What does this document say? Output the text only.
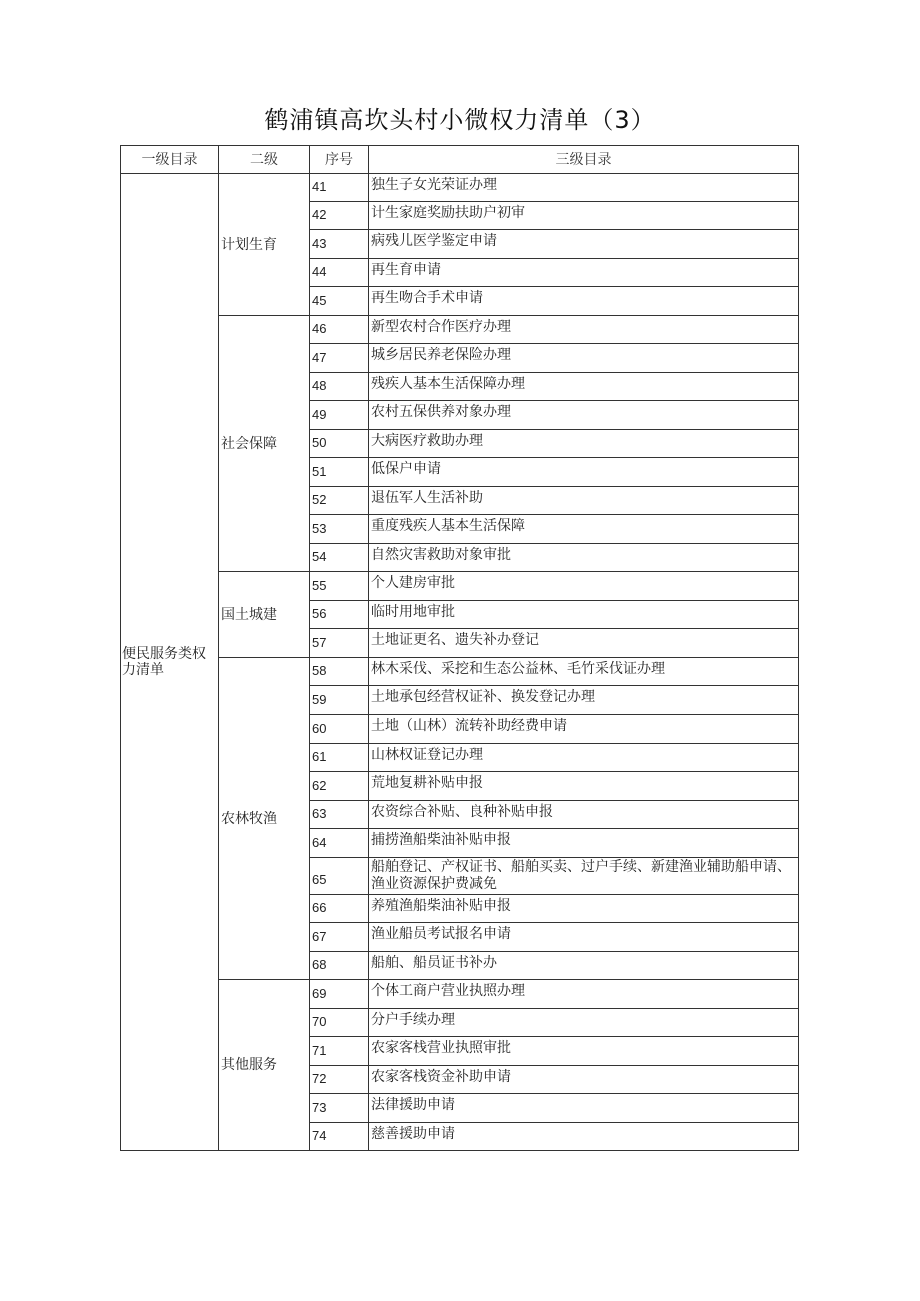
鹤浦镇高坎头村小微权力清单（3）
一级目录	二级	序号	三级目录
便民服务类权力清单	计划生育	41	独生子女光荣证办理
		42	计生家庭奖励扶助户初审
		43	病残儿医学鉴定申请
		44	再生育申请
		45	再生吻合手术申请
	社会保障	46	新型农村合作医疗办理
		47	城乡居民养老保险办理
		48	残疾人基本生活保障办理
		49	农村五保供养对象办理
		50	大病医疗救助办理
		51	低保户申请
		52	退伍军人生活补助
		53	重度残疾人基本生活保障
		54	自然灾害救助对象审批
	国土城建	55	个人建房审批
		56	临时用地审批
		57	土地证更名、遗失补办登记
	农林牧渔	58	林木采伐、采挖和生态公益林、毛竹采伐证办理
		59	土地承包经营权证补、换发登记办理
		60	土地（山林）流转补助经费申请
		61	山林权证登记办理
		62	荒地复耕补贴申报
		63	农资综合补贴、良种补贴申报
		64	捕捞渔船柴油补贴申报
		65	船舶登记、产权证书、船舶买卖、过户手续、新建渔业辅助船申请、渔业资源保护费减免
		66	养殖渔船柴油补贴申报
		67	渔业船员考试报名申请
		68	船舶、船员证书补办
	其他服务	69	个体工商户营业执照办理
		70	分户手续办理
		71	农家客栈营业执照审批
		72	农家客栈资金补助申请
		73	法律援助申请
		74	慈善援助申请
